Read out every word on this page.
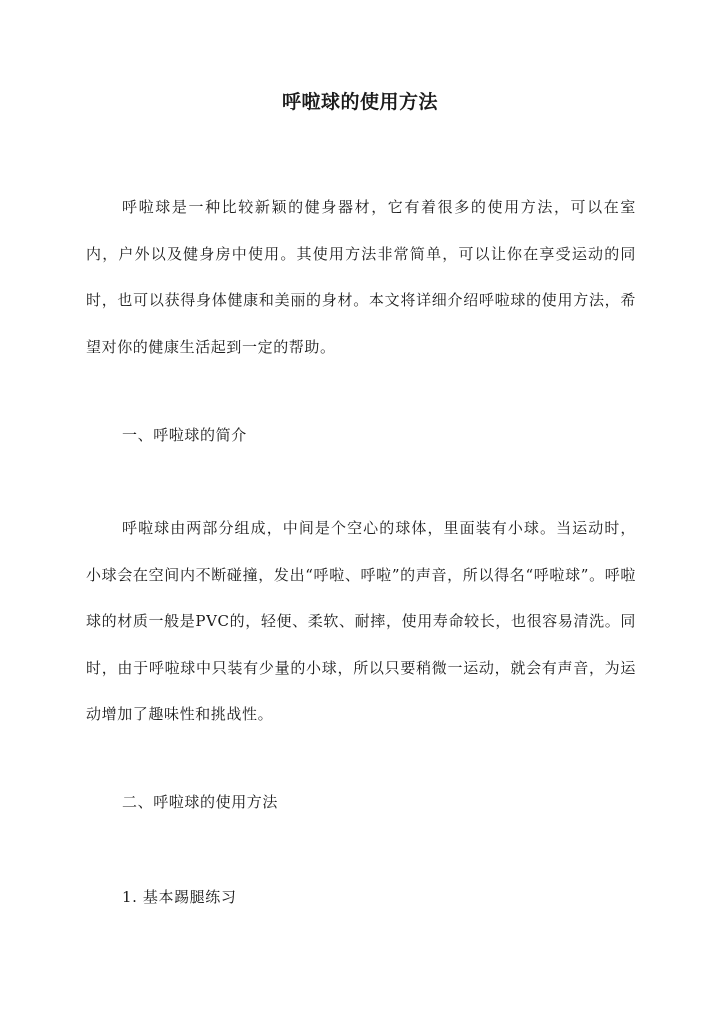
呼啦球的使用方法

呼啦球是一种比较新颖的健身器材，它有着很多的使用方法，可以在室内，户外以及健身房中使用。其使用方法非常简单，可以让你在享受运动的同时，也可以获得身体健康和美丽的身材。本文将详细介绍呼啦球的使用方法，希望对你的健康生活起到一定的帮助。

一、呼啦球的简介

呼啦球由两部分组成，中间是个空心的球体，里面装有小球。当运动时，小球会在空间内不断碰撞，发出“呼啦、呼啦”的声音，所以得名“呼啦球”。呼啦球的材质一般是PVC的，轻便、柔软、耐摔，使用寿命较长，也很容易清洗。同时，由于呼啦球中只装有少量的小球，所以只要稍微一运动，就会有声音，为运动增加了趣味性和挑战性。

二、呼啦球的使用方法
1. 基本踢腿练习
